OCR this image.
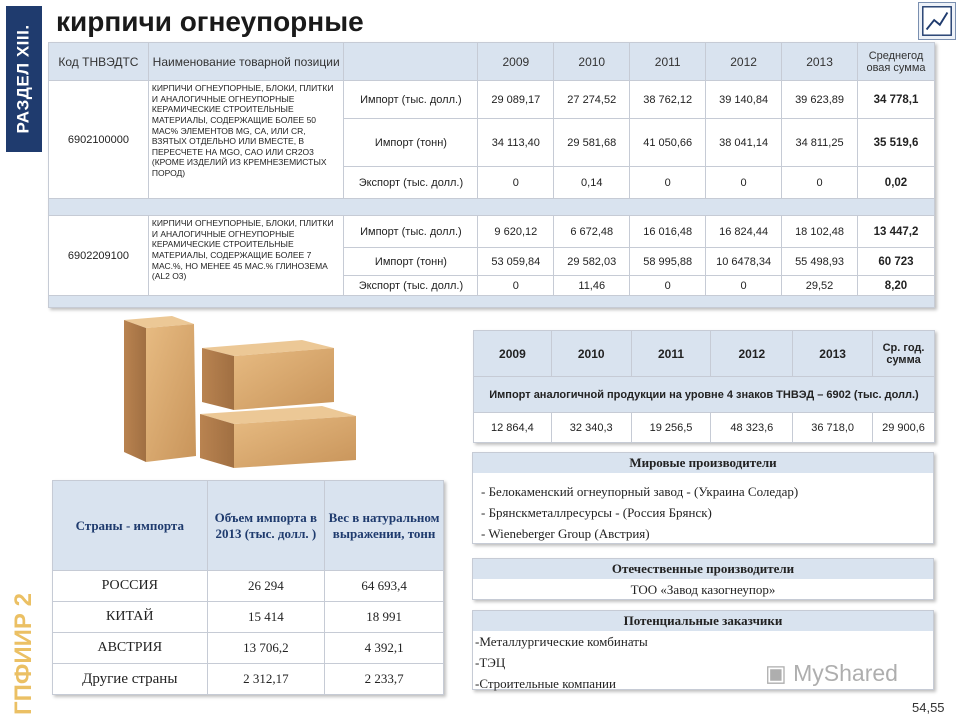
РАЗДЕЛ XIII.
ГПФИИР 2
кирпичи огнеупорные
Код ТНВЭДТС	Наименование товарной позиции		2009	2010	2011	2012	2013	Среднегод овая сумма
6902100000	КИРПИЧИ ОГНЕУПОРНЫЕ, БЛОКИ, ПЛИТКИ И АНАЛОГИЧНЫЕ ОГНЕУПОРНЫЕ КЕРАМИЧЕСКИЕ СТРОИТЕЛЬНЫЕ МАТЕРИАЛЫ, СОДЕРЖАЩИЕ БОЛЕЕ 50 МАС% ЭЛЕМЕНТОВ MG, CA, ИЛИ CR, ВЗЯТЫХ ОТДЕЛЬНО ИЛИ ВМЕСТЕ, В ПЕРЕСЧЕТЕ НА MGO, CAO ИЛИ CR2O3 (КРОМЕ ИЗДЕЛИЙ ИЗ КРЕМНЕЗЕМИСТЫХ ПОРОД)	Импорт (тыс. долл.)	29 089,17	27 274,52	38 762,12	39 140,84	39 623,89	34 778,1
		Импорт (тонн)	34 113,40	29 581,68	41 050,66	38 041,14	34 811,25	35 519,6
		Экспорт (тыс. долл.)	0	0,14	0	0	0	0,02

6902209100	КИРПИЧИ ОГНЕУПОРНЫЕ, БЛОКИ, ПЛИТКИ И АНАЛОГИЧНЫЕ ОГНЕУПОРНЫЕ КЕРАМИЧЕСКИЕ СТРОИТЕЛЬНЫЕ МАТЕРИАЛЫ, СОДЕРЖАЩИЕ БОЛЕЕ 7 МАС.%, НО МЕНЕЕ 45 МАС.% ГЛИНОЗЕМА (AL2 O3)	Импорт (тыс. долл.)	9 620,12	6 672,48	16 016,48	16 824,44	18 102,48	13 447,2
		Импорт (тонн)	53 059,84	29 582,03	58 995,88	10 6478,34	55 498,93	60 723
		Экспорт (тыс. долл.)	0	11,46	0	0	29,52	8,20

2009	2010	2011	2012	2013	Ср. год. сумма
Импорт аналогичной продукции на уровне 4 знаков ТНВЭД – 6902 (тыс. долл.)					
12 864,4	32 340,3	19 256,5	48 323,6	36 718,0	29 900,6
Страны - импорта	Объем импорта в 2013 (тыс. долл. )	Вес в натуральном выражении, тонн
РОССИЯ	26 294	64 693,4
КИТАЙ	15 414	18 991
АВСТРИЯ	13 706,2	4 392,1
Другие страны	2 312,17	2 233,7
Мировые производители
- Белокаменский огнеупорный завод - (Украина Соледар)
- Брянскметаллресурсы - (Россия Брянск)
- Wieneberger Group (Австрия)
Отечественные производители
ТОО «Завод казогнеупор»
Потенциальные заказчики
-Металлургические комбинаты
-ТЭЦ
-Строительные компании	▣ MyShared
54,55
